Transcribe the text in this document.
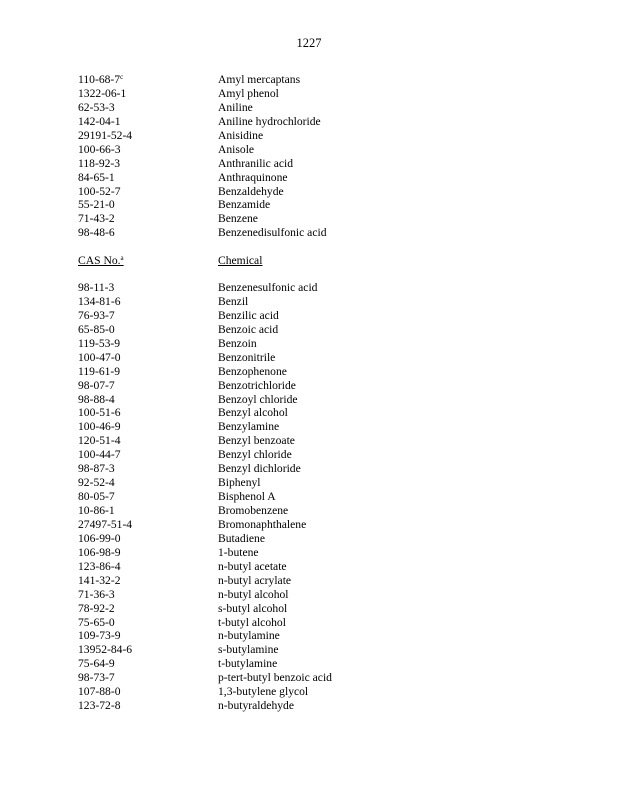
1227
110-68-7$^c$	Amyl mercaptans
1322-06-1	Amyl phenol
62-53-3	Aniline
142-04-1	Aniline hydrochloride
29191-52-4	Anisidine
100-66-3	Anisole
118-92-3	Anthranilic acid
84-65-1	Anthraquinone
100-52-7	Benzaldehyde
55-21-0	Benzamide
71-43-2	Benzene
98-48-6	Benzenedisulfonic acid
CAS No.$^a$	Chemical
98-11-3	Benzenesulfonic acid
134-81-6	Benzil
76-93-7	Benzilic acid
65-85-0	Benzoic acid
119-53-9	Benzoin
100-47-0	Benzonitrile
119-61-9	Benzophenone
98-07-7	Benzotrichloride
98-88-4	Benzoyl chloride
100-51-6	Benzyl alcohol
100-46-9	Benzylamine
120-51-4	Benzyl benzoate
100-44-7	Benzyl chloride
98-87-3	Benzyl dichloride
92-52-4	Biphenyl
80-05-7	Bisphenol A
10-86-1	Bromobenzene
27497-51-4	Bromonaphthalene
106-99-0	Butadiene
106-98-9	1-butene
123-86-4	n-butyl acetate
141-32-2	n-butyl acrylate
71-36-3	n-butyl alcohol
78-92-2	s-butyl alcohol
75-65-0	t-butyl alcohol
109-73-9	n-butylamine
13952-84-6	s-butylamine
75-64-9	t-butylamine
98-73-7	p-tert-butyl benzoic acid
107-88-0	1,3-butylene glycol
123-72-8	n-butyraldehyde
